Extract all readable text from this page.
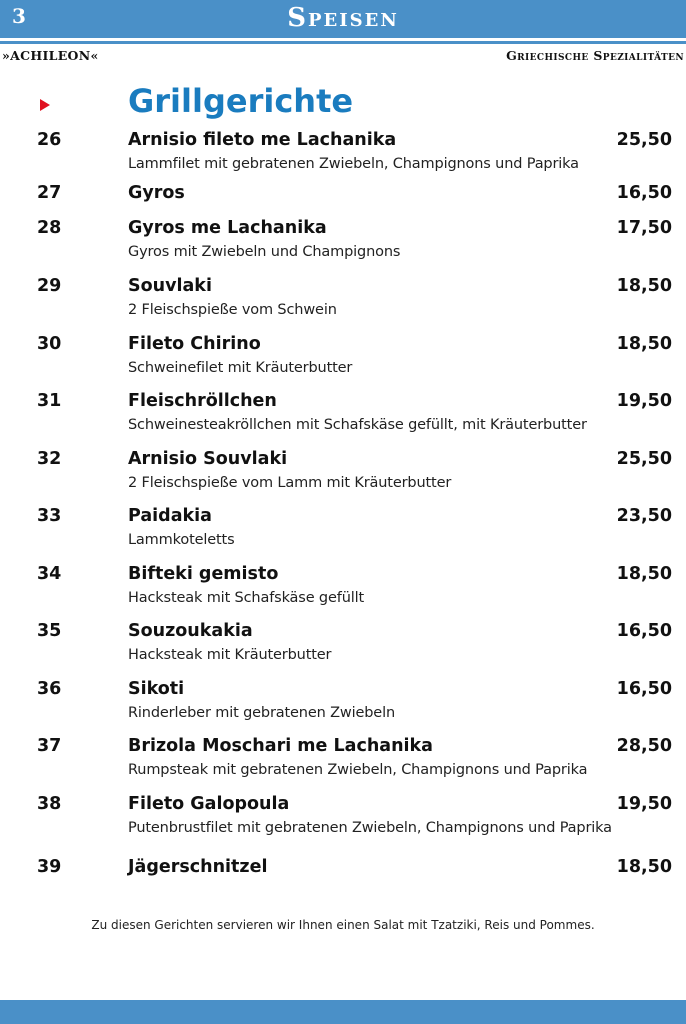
3	Speisen
»ACHILEON«	Griechische Spezialitäten
Grillgerichte
26	Arnisio fileto me Lachanika	25,50
Lammfilet mit gebratenen Zwiebeln, Champignons und Paprika
27	Gyros	16,50
28	Gyros me Lachanika	17,50
Gyros mit Zwiebeln und Champignons
29	Souvlaki	18,50
2 Fleischspieße vom Schwein
30	Fileto Chirino	18,50
Schweinefilet mit Kräuterbutter
31	Fleischröllchen	19,50
Schweinesteakröllchen mit Schafskäse gefüllt, mit Kräuterbutter
32	Arnisio Souvlaki	25,50
2 Fleischspieße vom Lamm mit Kräuterbutter
33	Paidakia	23,50
Lammkoteletts
34	Bifteki gemisto	18,50
Hacksteak mit Schafskäse gefüllt
35	Souzoukakia	16,50
Hacksteak mit Kräuterbutter
36	Sikoti	16,50
Rinderleber mit gebratenen Zwiebeln
37	Brizola Moschari me Lachanika	28,50
Rumpsteak mit gebratenen Zwiebeln, Champignons und Paprika
38	Fileto Galopoula	19,50
Putenbrustfilet mit gebratenen Zwiebeln, Champignons und Paprika
39	Jägerschnitzel	18,50

Zu diesen Gerichten servieren wir Ihnen einen Salat mit Tzatziki, Reis und Pommes.
